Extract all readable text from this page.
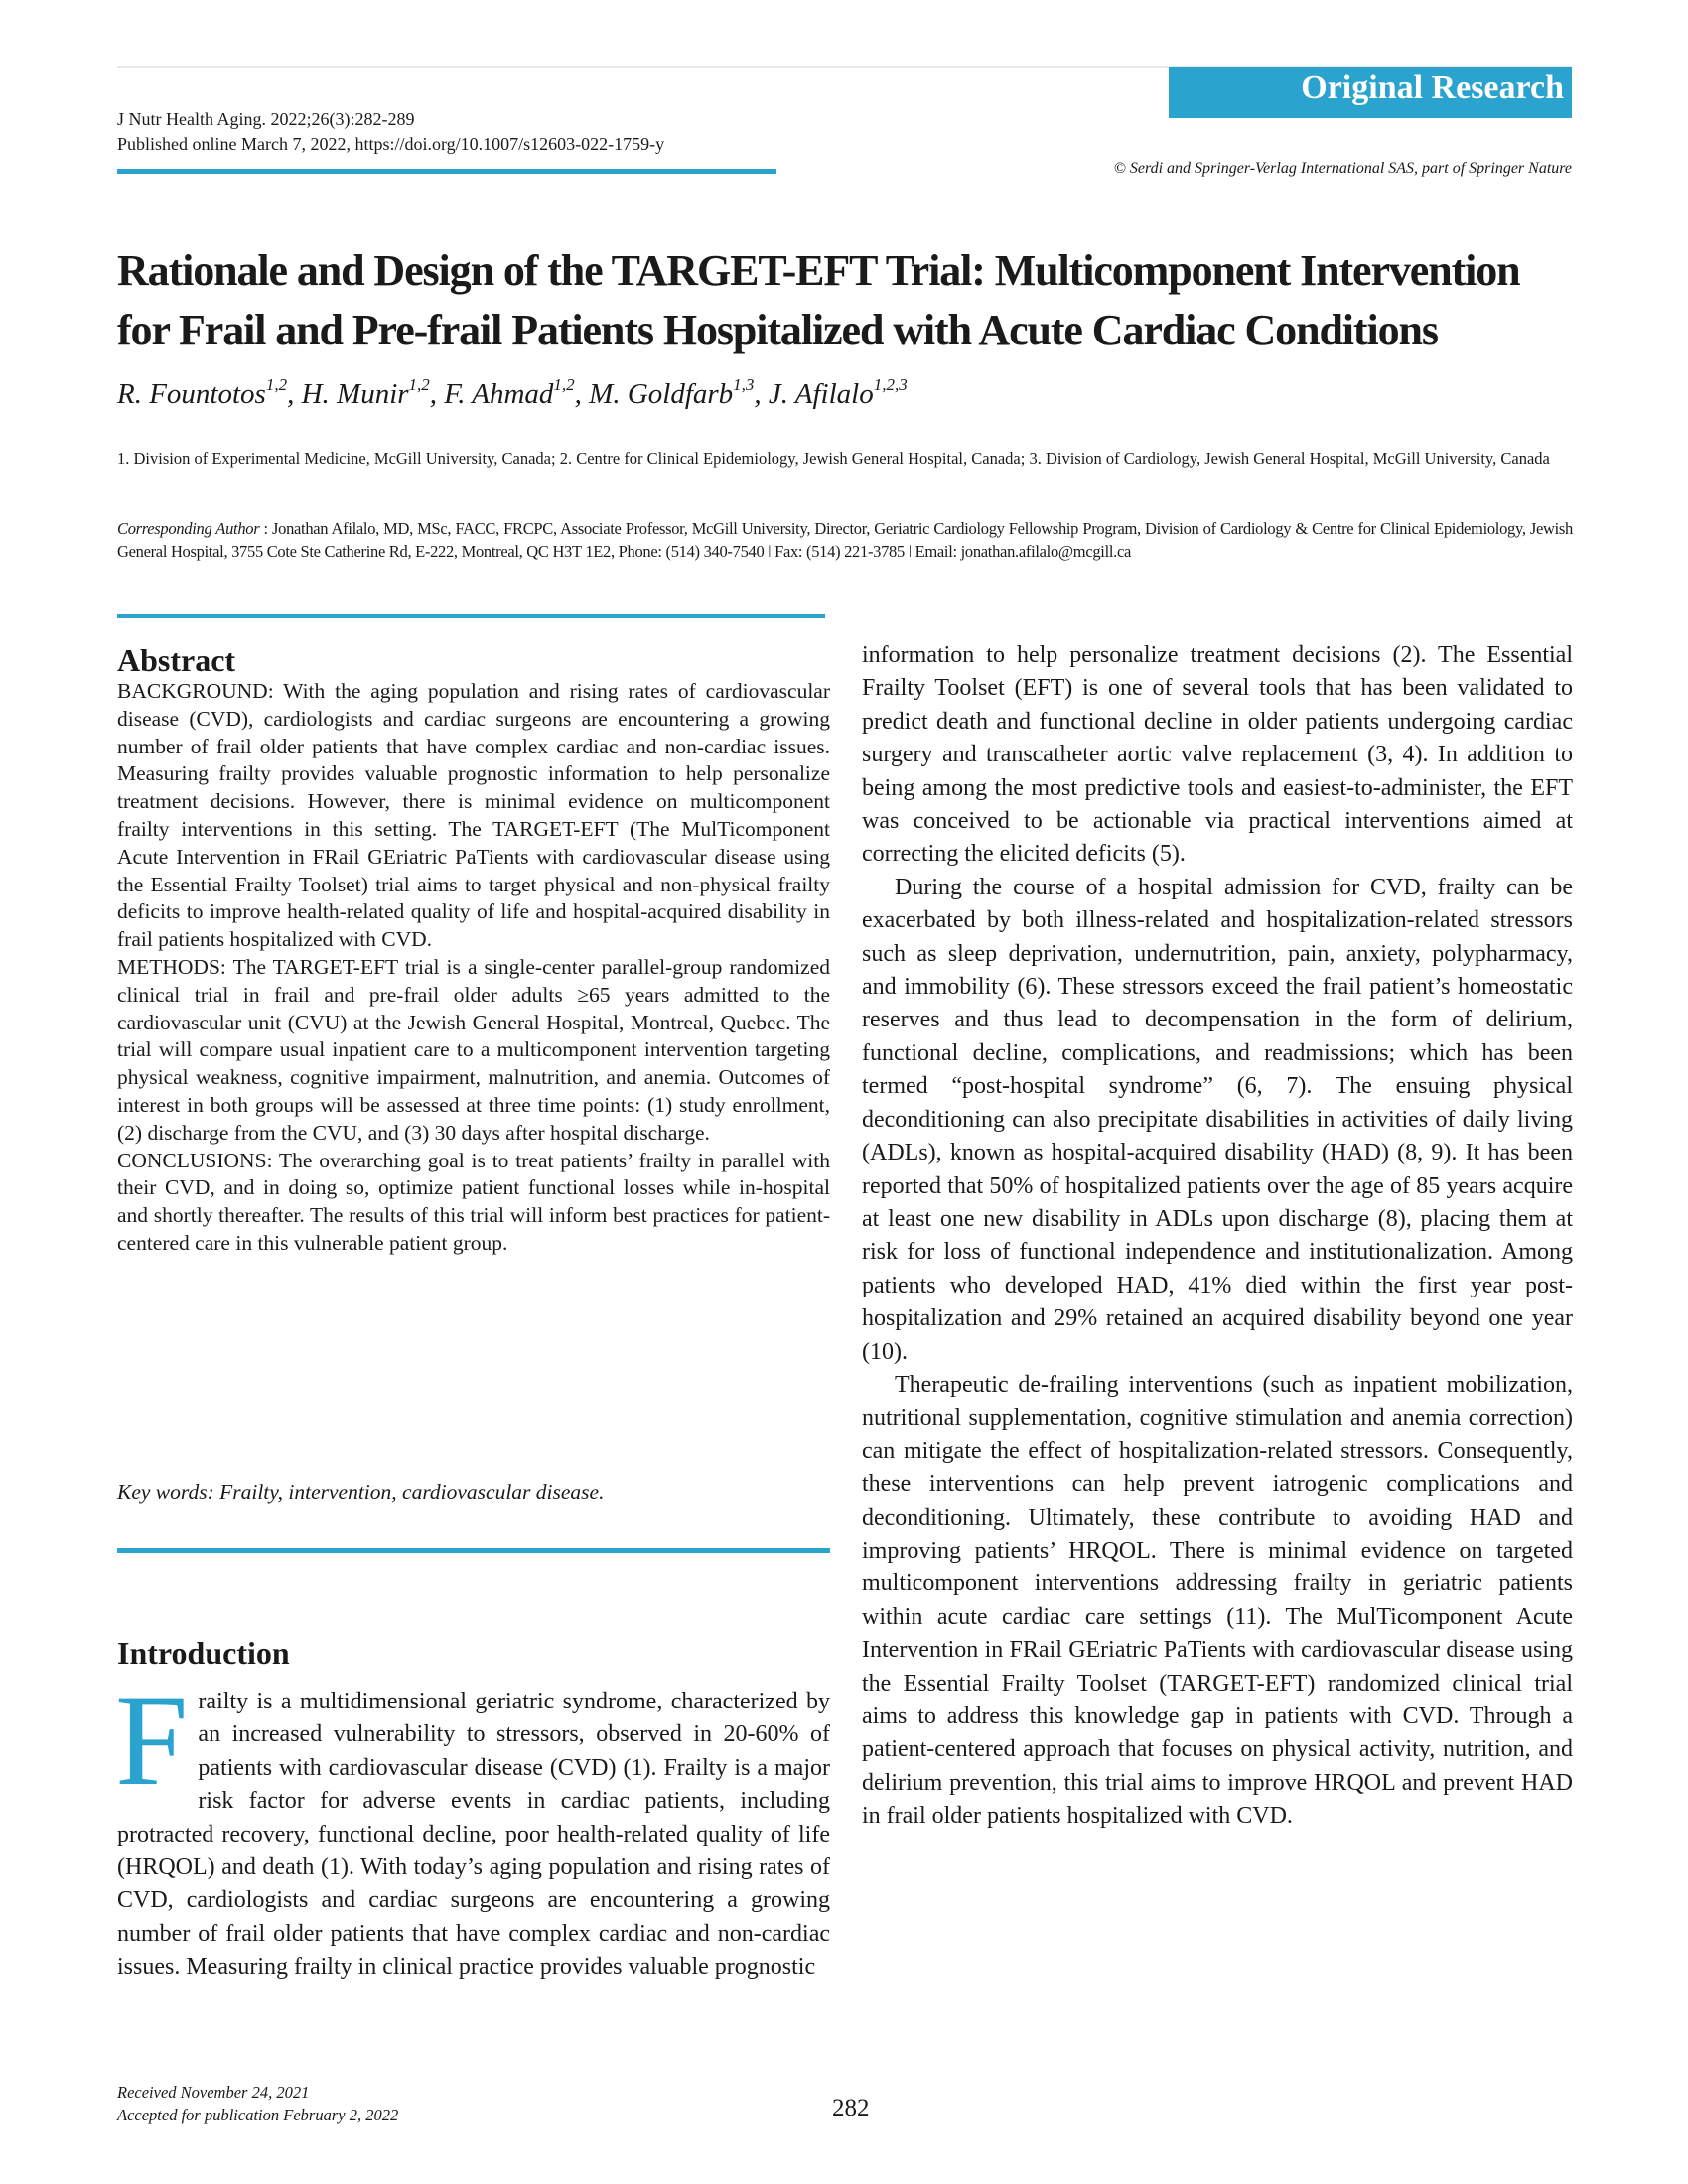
J Nutr Health Aging. 2022;26(3):282-289
Published online March 7, 2022, https://doi.org/10.1007/s12603-022-1759-y
Original Research
© Serdi and Springer-Verlag International SAS, part of Springer Nature
Rationale and Design of the TARGET-EFT Trial: Multicomponent Intervention
for Frail and Pre-frail Patients Hospitalized with Acute Cardiac Conditions
R. Fountotos$^{1,2}$, H. Munir$^{1,2}$, F. Ahmad$^{1,2}$, M. Goldfarb$^{1,3}$, J. Afilalo$^{1,2,3}$
1. Division of Experimental Medicine, McGill University, Canada; 2. Centre for Clinical Epidemiology, Jewish General Hospital, Canada; 3. Division of Cardiology, Jewish General Hospital, McGill University, Canada
Corresponding Author : Jonathan Afilalo, MD, MSc, FACC, FRCPC, Associate Professor, McGill University, Director, Geriatric Cardiology Fellowship Program, Division of Cardiology & Centre for Clinical Epidemiology, Jewish General Hospital, 3755 Cote Ste Catherine Rd, E-222, Montreal, QC H3T 1E2, Phone: (514) 340-7540 ǀ Fax: (514) 221-3785 ǀ Email: jonathan.afilalo@mcgill.ca
Abstract

BACKGROUND: With the aging population and rising rates of cardiovascular disease (CVD), cardiologists and cardiac surgeons are encountering a growing number of frail older patients that have complex cardiac and non-cardiac issues. Measuring frailty provides valuable prognostic information to help personalize treatment decisions. However, there is minimal evidence on multicomponent frailty interventions in this setting. The TARGET-EFT (The MulTicomponent Acute Intervention in FRail GEriatric PaTients with cardiovascular disease using the Essential Frailty Toolset) trial aims to target physical and non-physical frailty deficits to improve health-related quality of life and hospital-acquired disability in frail patients hospitalized with CVD.

METHODS: The TARGET-EFT trial is a single-center parallel-group randomized clinical trial in frail and pre-frail older adults ≥65 years admitted to the cardiovascular unit (CVU) at the Jewish General Hospital, Montreal, Quebec. The trial will compare usual inpatient care to a multicomponent intervention targeting physical weakness, cognitive impairment, malnutrition, and anemia. Outcomes of interest in both groups will be assessed at three time points: (1) study enrollment, (2) discharge from the CVU, and (3) 30 days after hospital discharge.

CONCLUSIONS: The overarching goal is to treat patients’ frailty in parallel with their CVD, and in doing so, optimize patient functional losses while in-hospital and shortly thereafter. The results of this trial will inform best practices for patient-centered care in this vulnerable patient group.

Key words: Frailty, intervention, cardiovascular disease.
Introduction

Frailty is a multidimensional geriatric syndrome, characterized by an increased vulnerability to stressors, observed in 20-60% of patients with cardiovascular disease (CVD) (1). Frailty is a major risk factor for adverse events in cardiac patients, including protracted recovery, functional decline, poor health-related quality of life (HRQOL) and death (1). With today’s aging population and rising rates of CVD, cardiologists and cardiac surgeons are encountering a growing number of frail older patients that have complex cardiac and non-cardiac issues. Measuring frailty in clinical practice provides valuable prognostic

information to help personalize treatment decisions (2). The Essential Frailty Toolset (EFT) is one of several tools that has been validated to predict death and functional decline in older patients undergoing cardiac surgery and transcatheter aortic valve replacement (3, 4). In addition to being among the most predictive tools and easiest-to-administer, the EFT was conceived to be actionable via practical interventions aimed at correcting the elicited deficits (5).

During the course of a hospital admission for CVD, frailty can be exacerbated by both illness-related and hospitalization-related stressors such as sleep deprivation, undernutrition, pain, anxiety, polypharmacy, and immobility (6). These stressors exceed the frail patient’s homeostatic reserves and thus lead to decompensation in the form of delirium, functional decline, complications, and readmissions; which has been termed “post-hospital syndrome” (6, 7). The ensuing physical deconditioning can also precipitate disabilities in activities of daily living (ADLs), known as hospital-acquired disability (HAD) (8, 9). It has been reported that 50% of hospitalized patients over the age of 85 years acquire at least one new disability in ADLs upon discharge (8), placing them at risk for loss of functional independence and institutionalization. Among patients who developed HAD, 41% died within the first year post-hospitalization and 29% retained an acquired disability beyond one year (10).

Therapeutic de-frailing interventions (such as inpatient mobilization, nutritional supplementation, cognitive stimulation and anemia correction) can mitigate the effect of hospitalization-related stressors. Consequently, these interventions can help prevent iatrogenic complications and deconditioning. Ultimately, these contribute to avoiding HAD and improving patients’ HRQOL. There is minimal evidence on targeted multicomponent interventions addressing frailty in geriatric patients within acute cardiac care settings (11). The MulTicomponent Acute Intervention in FRail GEriatric PaTients with cardiovascular disease using the Essential Frailty Toolset (TARGET-EFT) randomized clinical trial aims to address this knowledge gap in patients with CVD. Through a patient-centered approach that focuses on physical activity, nutrition, and delirium prevention, this trial aims to improve HRQOL and prevent HAD in frail older patients hospitalized with CVD.

Received November 24, 2021
Accepted for publication February 2, 2022	282
